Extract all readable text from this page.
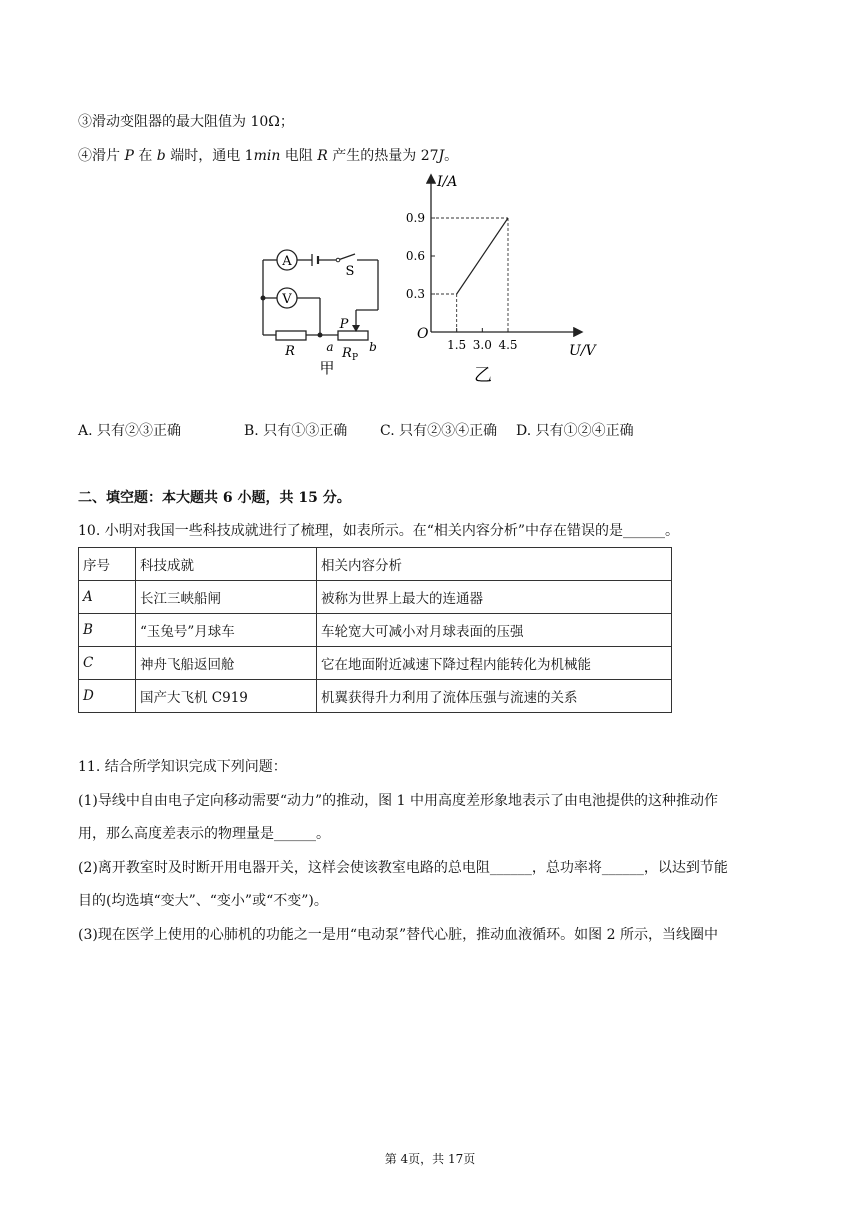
③滑动变阻器的最大阻值为 10Ω；
④滑片 P 在 b 端时，通电 1min 电阻 R 产生的热量为 27J。
A
V
S
R
P
R P
a	b
甲
1.5 3.0 4.5
0.3
0.6
0.9
I/A
U/V
O
乙
A. 只有②③正确	B. 只有①③正确 C. 只有②③④正确 D. 只有①②④正确
二、填空题：本大题共 6 小题，共 15 分。
10. 小明对我国一些科技成就进行了梳理，如表所示。在“相关内容分析”中存在错误的是______。
序号	科技成就	相关内容分析
A	长江三峡船闸	被称为世界上最大的连通器
B	“玉兔号”月球车	车轮宽大可减小对月球表面的压强
C	神舟飞船返回舱	它在地面附近减速下降过程内能转化为机械能
D	国产大飞机 C919	机翼获得升力利用了流体压强与流速的关系
11. 结合所学知识完成下列问题：
(1)导线中自由电子定向移动需要“动力”的推动，图 1 中用高度差形象地表示了由电池提供的这种推动作
用，那么高度差表示的物理量是______。
(2)离开教室时及时断开用电器开关，这样会使该教室电路的总电阻______，总功率将______，以达到节能
目的(均选填“变大”、“变小”或“不变”)。
(3)现在医学上使用的心肺机的功能之一是用“电动泵”替代心脏，推动血液循环。如图 2 所示，当线圈中
第 4页，共 17页
